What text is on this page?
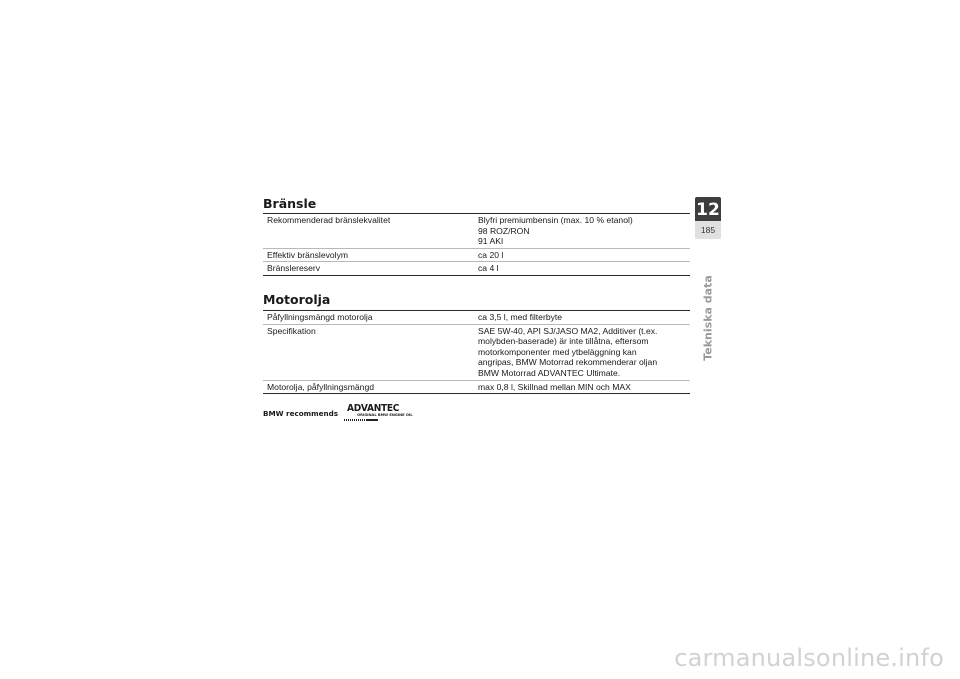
Bränsle
Rekommenderad bränslekvalitet	Blyfri premiumbensin (max. 10 % etanol)
98 ROZ/RON
91 AKI
Effektiv bränslevolym	ca 20 l
Bränslereserv	ca 4 l
Motorolja
Påfyllningsmängd motorolja	ca 3,5 l, med filterbyte
Specifikation	SAE 5W-40, API SJ/JASO MA2, Additiver (t.ex.
molybden-baserade) är inte tillåtna, eftersom
motorkomponenter med ytbeläggning kan
angripas, BMW Motorrad rekommenderar oljan
BMW Motorrad ADVANTEC Ultimate.
Motorolja, påfyllningsmängd	max 0,8 l, Skillnad mellan MIN och MAX
BMW recommends ADVANTEC
ORIGINAL BMW ENGINE OIL
12
185
Tekniska data
carmanualsonline.info
